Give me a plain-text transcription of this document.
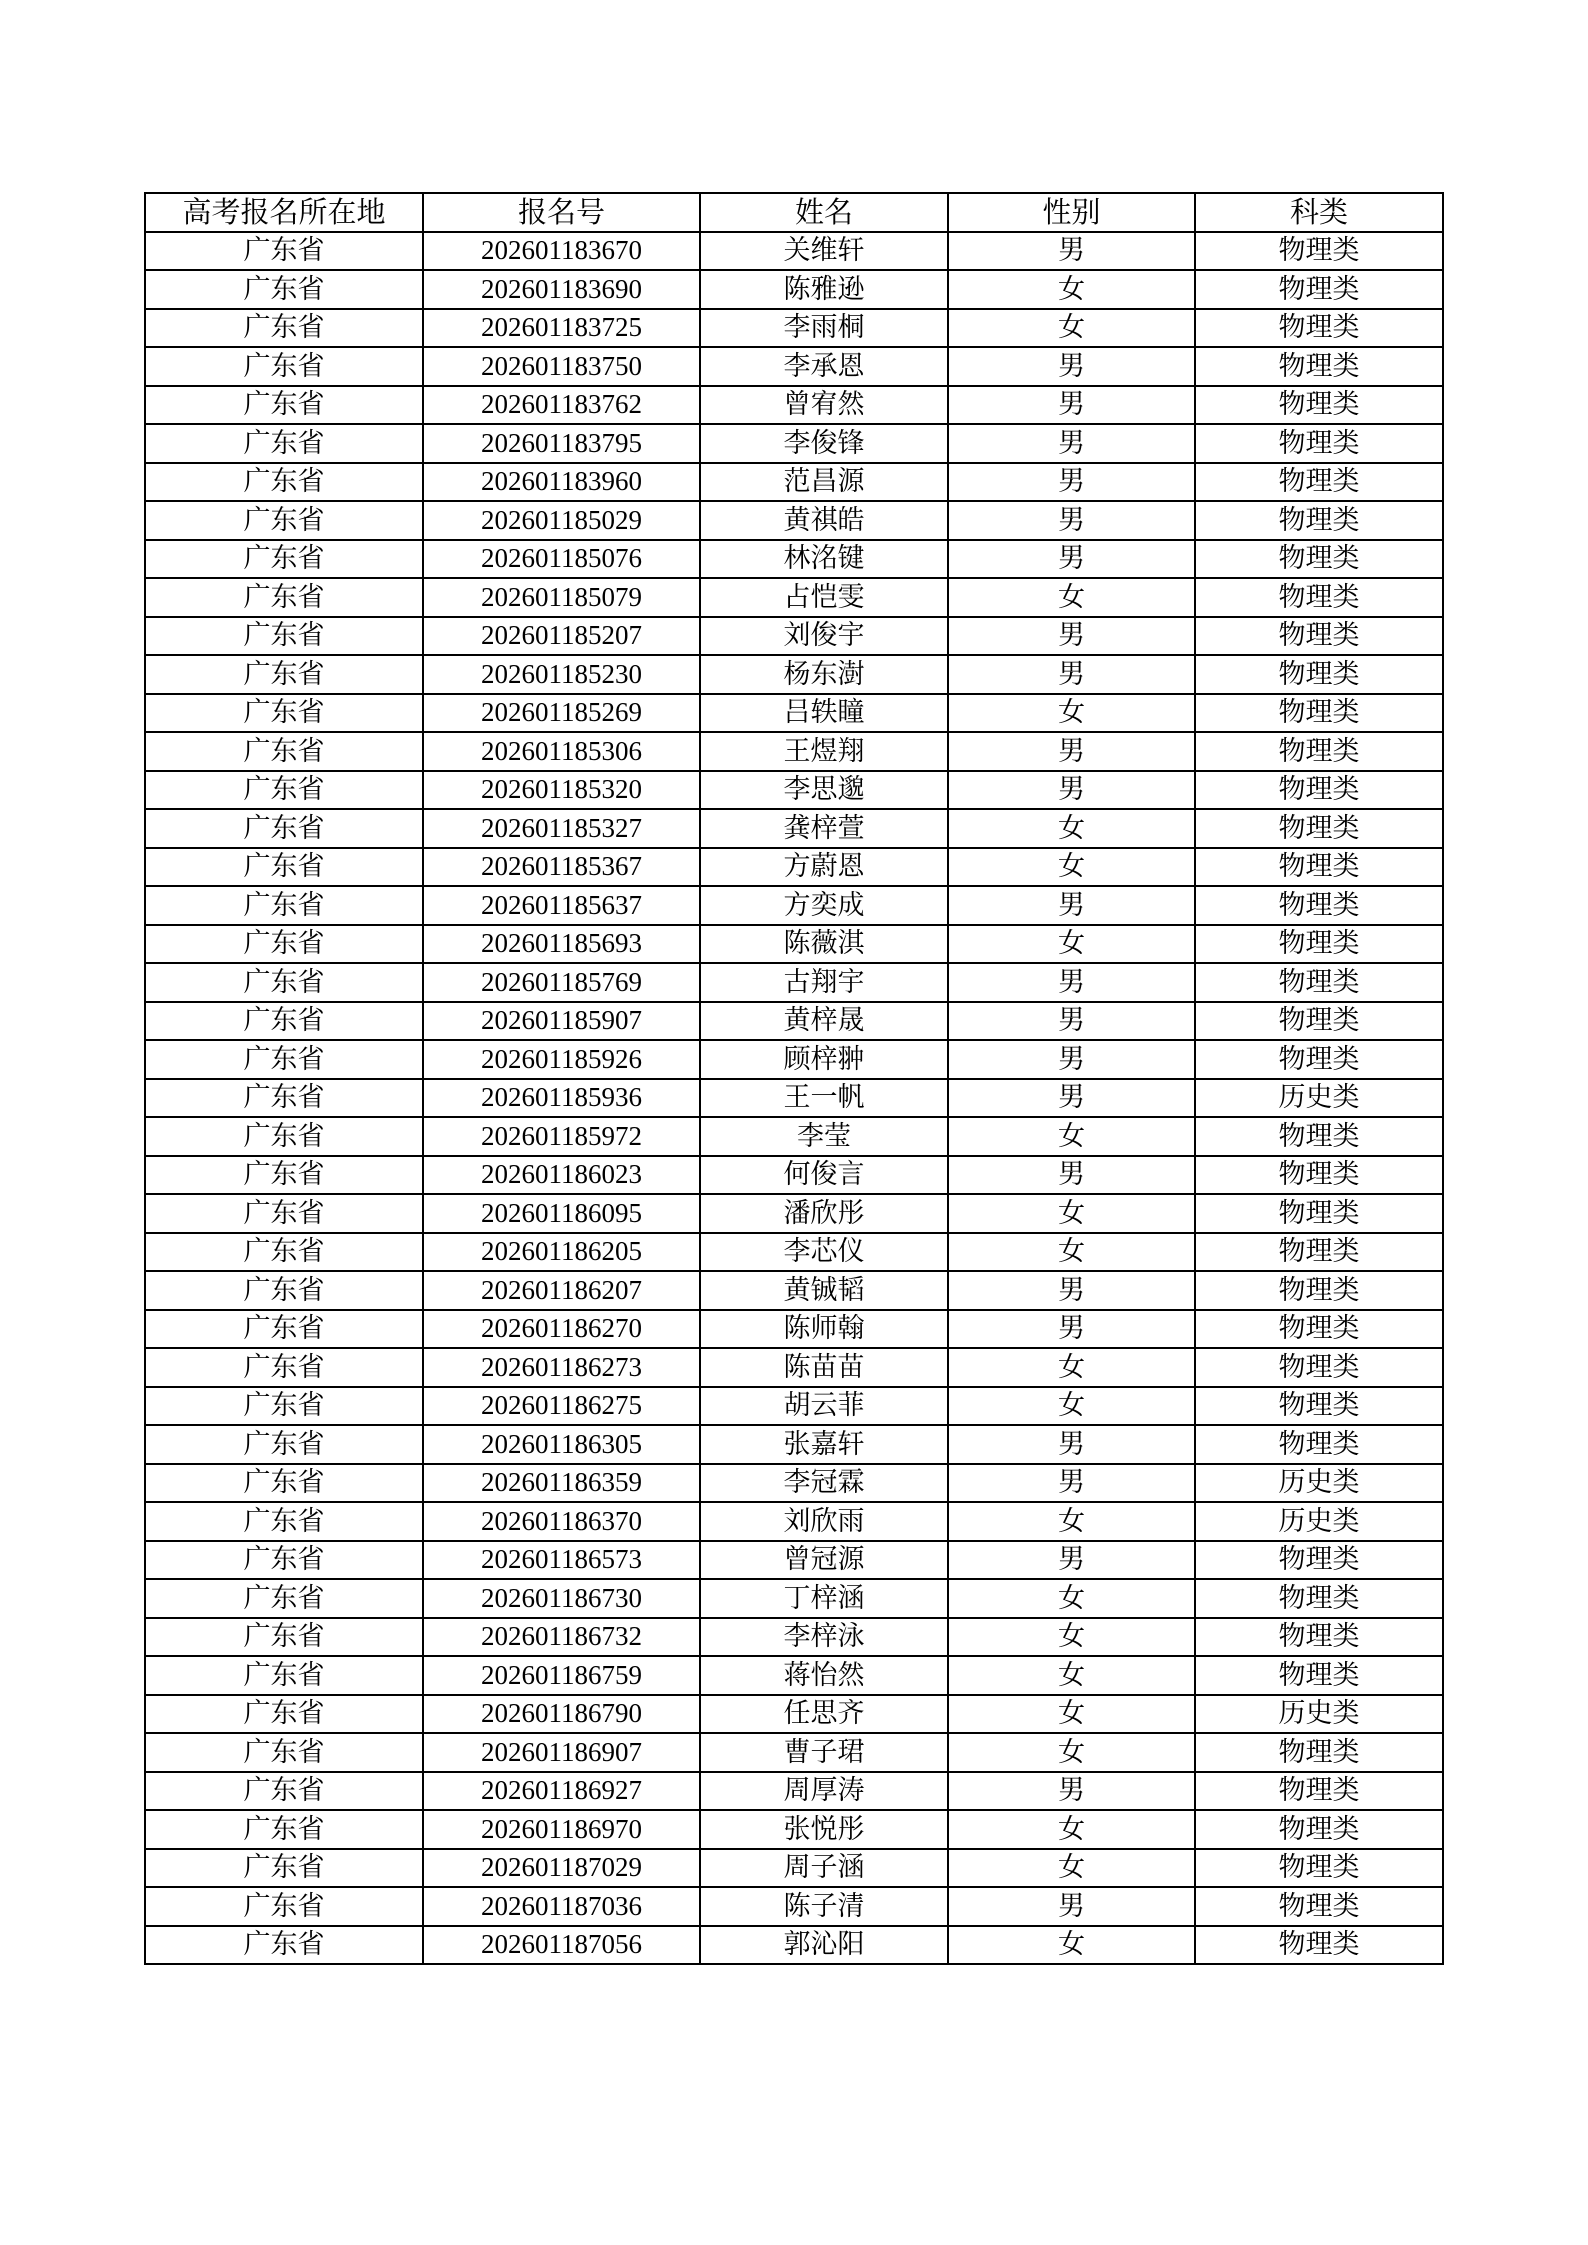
高考报名所在地	报名号	姓名	性别	科类
广东省	202601183670	关维轩	男	物理类
广东省	202601183690	陈雅逊	女	物理类
广东省	202601183725	李雨桐	女	物理类
广东省	202601183750	李承恩	男	物理类
广东省	202601183762	曾宥然	男	物理类
广东省	202601183795	李俊锋	男	物理类
广东省	202601183960	范昌源	男	物理类
广东省	202601185029	黄祺皓	男	物理类
广东省	202601185076	林洺键	男	物理类
广东省	202601185079	占恺雯	女	物理类
广东省	202601185207	刘俊宇	男	物理类
广东省	202601185230	杨东澍	男	物理类
广东省	202601185269	吕轶瞳	女	物理类
广东省	202601185306	王煜翔	男	物理类
广东省	202601185320	李思邈	男	物理类
广东省	202601185327	龚梓萱	女	物理类
广东省	202601185367	方蔚恩	女	物理类
广东省	202601185637	方奕成	男	物理类
广东省	202601185693	陈薇淇	女	物理类
广东省	202601185769	古翔宇	男	物理类
广东省	202601185907	黄梓晟	男	物理类
广东省	202601185926	顾梓翀	男	物理类
广东省	202601185936	王一帆	男	历史类
广东省	202601185972	李莹	女	物理类
广东省	202601186023	何俊言	男	物理类
广东省	202601186095	潘欣彤	女	物理类
广东省	202601186205	李芯仪	女	物理类
广东省	202601186207	黄铖韬	男	物理类
广东省	202601186270	陈师翰	男	物理类
广东省	202601186273	陈苗苗	女	物理类
广东省	202601186275	胡云菲	女	物理类
广东省	202601186305	张嘉轩	男	物理类
广东省	202601186359	李冠霖	男	历史类
广东省	202601186370	刘欣雨	女	历史类
广东省	202601186573	曾冠源	男	物理类
广东省	202601186730	丁梓涵	女	物理类
广东省	202601186732	李梓泳	女	物理类
广东省	202601186759	蒋怡然	女	物理类
广东省	202601186790	任思齐	女	历史类
广东省	202601186907	曹子珺	女	物理类
广东省	202601186927	周厚涛	男	物理类
广东省	202601186970	张悦彤	女	物理类
广东省	202601187029	周子涵	女	物理类
广东省	202601187036	陈子清	男	物理类
广东省	202601187056	郭沁阳	女	物理类
